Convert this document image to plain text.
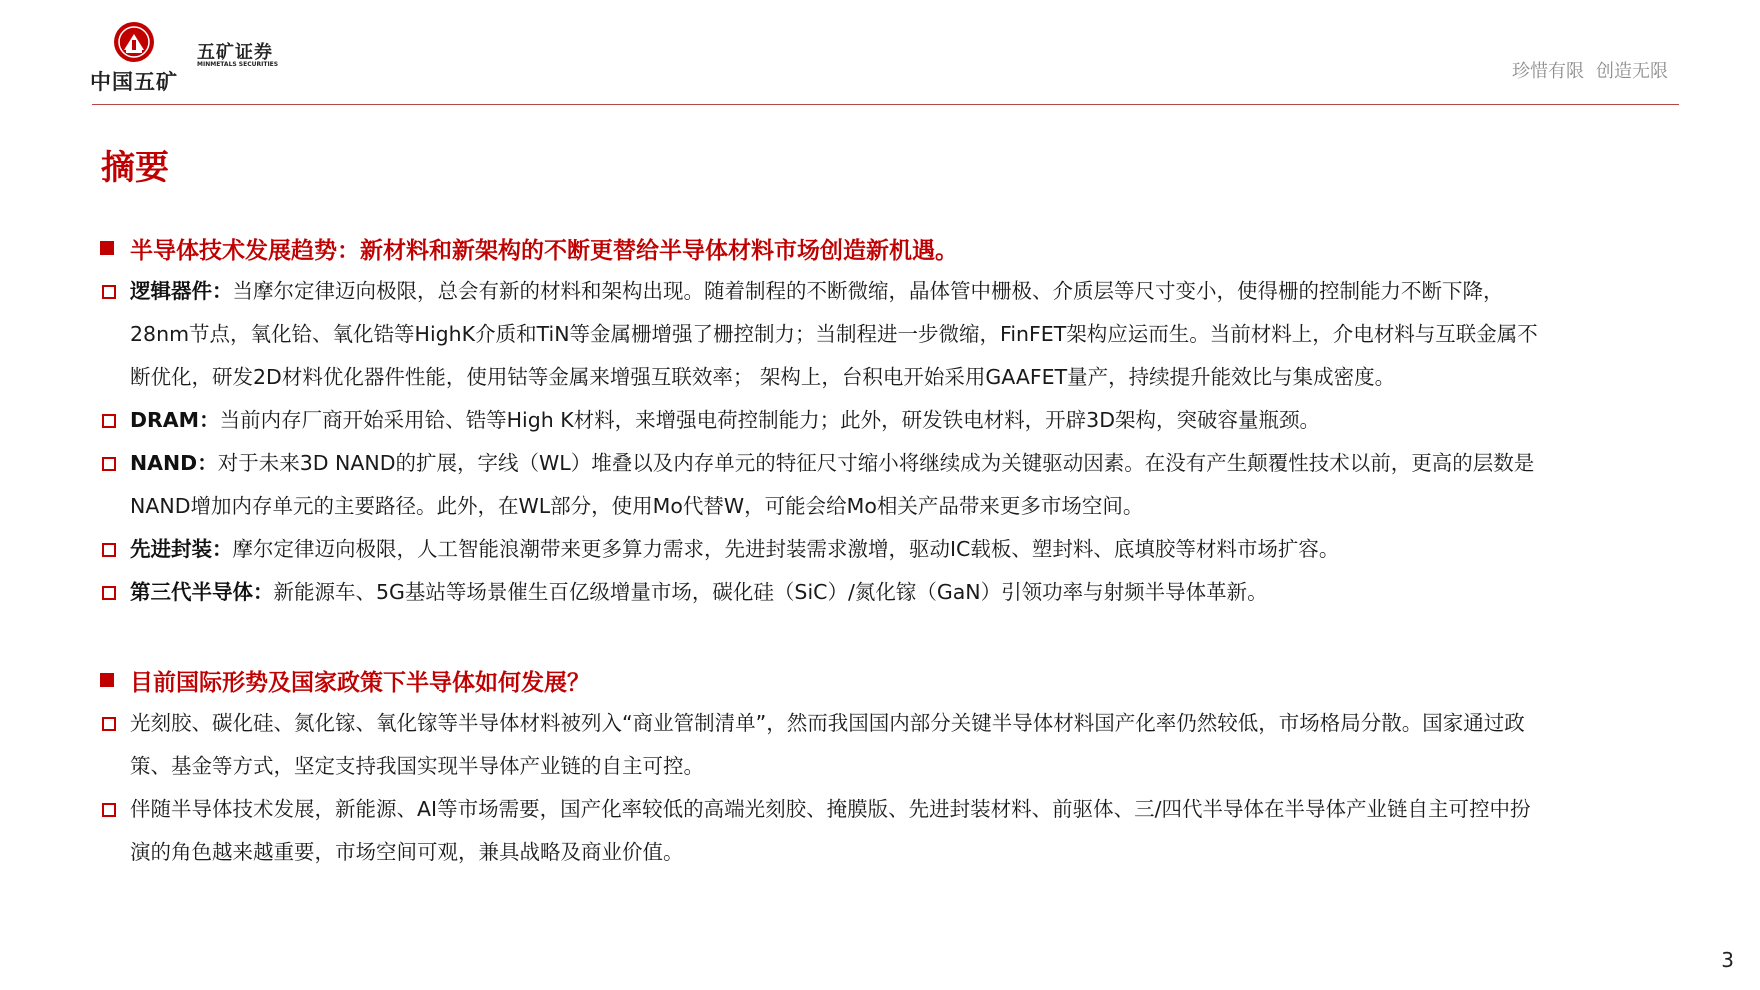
中国五矿
五矿证券
MINMETALS SECURITIES	珍惜有限 创造无限
摘要
半导体技术发展趋势：新材料和新架构的不断更替给半导体材料市场创造新机遇。
逻辑器件：当摩尔定律迈向极限，总会有新的材料和架构出现。随着制程的不断微缩，晶体管中栅极、介质层等尺寸变小，使得栅的控制能力不断下降，
28nm节点，氧化铪、氧化锆等HighK介质和TiN等金属栅增强了栅控制力；当制程进一步微缩，FinFET架构应运而生。当前材料上，介电材料与互联金属不
断优化，研发2D材料优化器件性能，使用钴等金属来增强互联效率； 架构上，台积电开始采用GAAFET量产，持续提升能效比与集成密度。
DRAM：当前内存厂商开始采用铪、锆等High K材料，来增强电荷控制能力；此外，研发铁电材料，开辟3D架构，突破容量瓶颈。
NAND：对于未来3D NAND的扩展，字线（WL）堆叠以及内存单元的特征尺寸缩小将继续成为关键驱动因素。在没有产生颠覆性技术以前，更高的层数是
NAND增加内存单元的主要路径。此外，在WL部分，使用Mo代替W，可能会给Mo相关产品带来更多市场空间。
先进封装：摩尔定律迈向极限，人工智能浪潮带来更多算力需求，先进封装需求激增，驱动IC载板、塑封料、底填胶等材料市场扩容。
第三代半导体：新能源车、5G基站等场景催生百亿级增量市场，碳化硅（SiC）/氮化镓（GaN）引领功率与射频半导体革新。
目前国际形势及国家政策下半导体如何发展？
光刻胶、碳化硅、氮化镓、氧化镓等半导体材料被列入“商业管制清单”，然而我国国内部分关键半导体材料国产化率仍然较低，市场格局分散。国家通过政
策、基金等方式，坚定支持我国实现半导体产业链的自主可控。
伴随半导体技术发展，新能源、AI等市场需要，国产化率较低的高端光刻胶、掩膜版、先进封装材料、前驱体、三/四代半导体在半导体产业链自主可控中扮
演的角色越来越重要，市场空间可观，兼具战略及商业价值。
3
